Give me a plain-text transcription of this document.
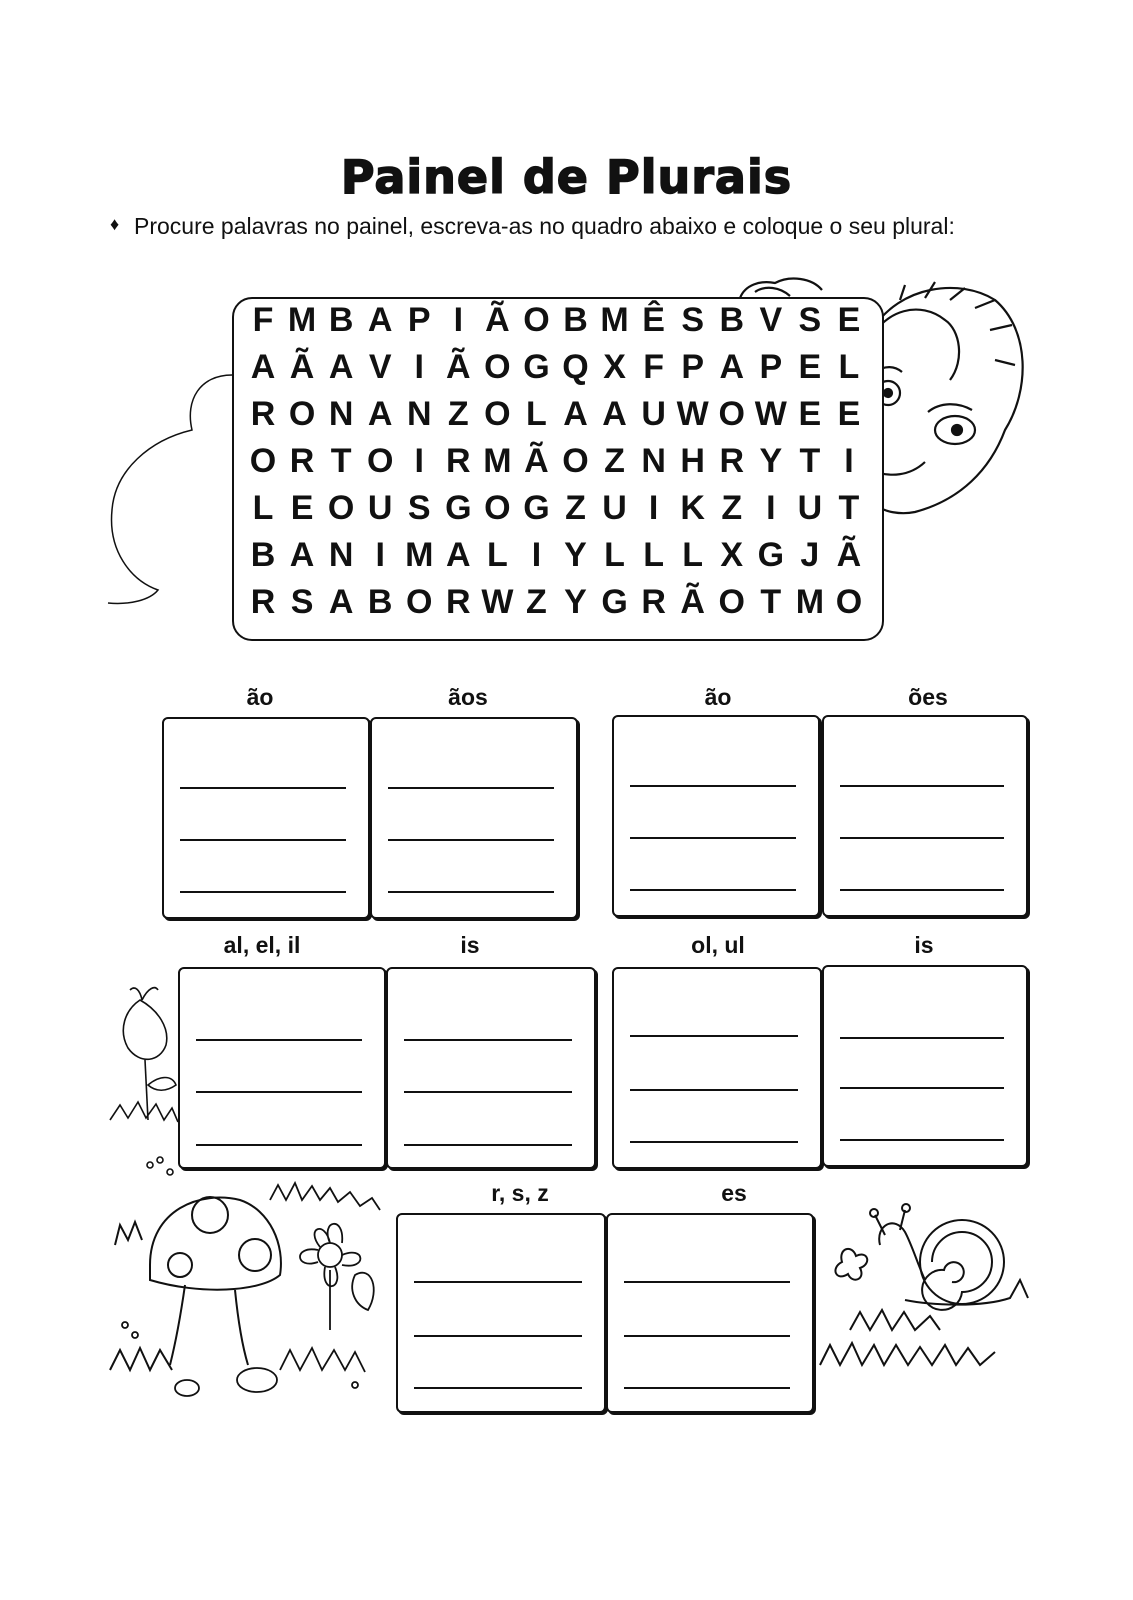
Painel de Plurais
♦ Procure palavras no painel, escreva-as no quadro abaixo e coloque o seu plural:
F M B A P I Ã O B M Ê S B V S E
A Ã A V I Ã O G Q X F P A P E L
R O N A N Z O L A A U W O W E E
O R T O I R M Ã O Z N H R Y T I
L E O U S G O G Z U I K Z I U T
B A N I M A L I Y L L L X G J Ã
R S A B O R W Z Y G R Ã O T M O
ão	ãos	ão	ões
al, el, il	is	ol, ul	is
r, s, z	es
